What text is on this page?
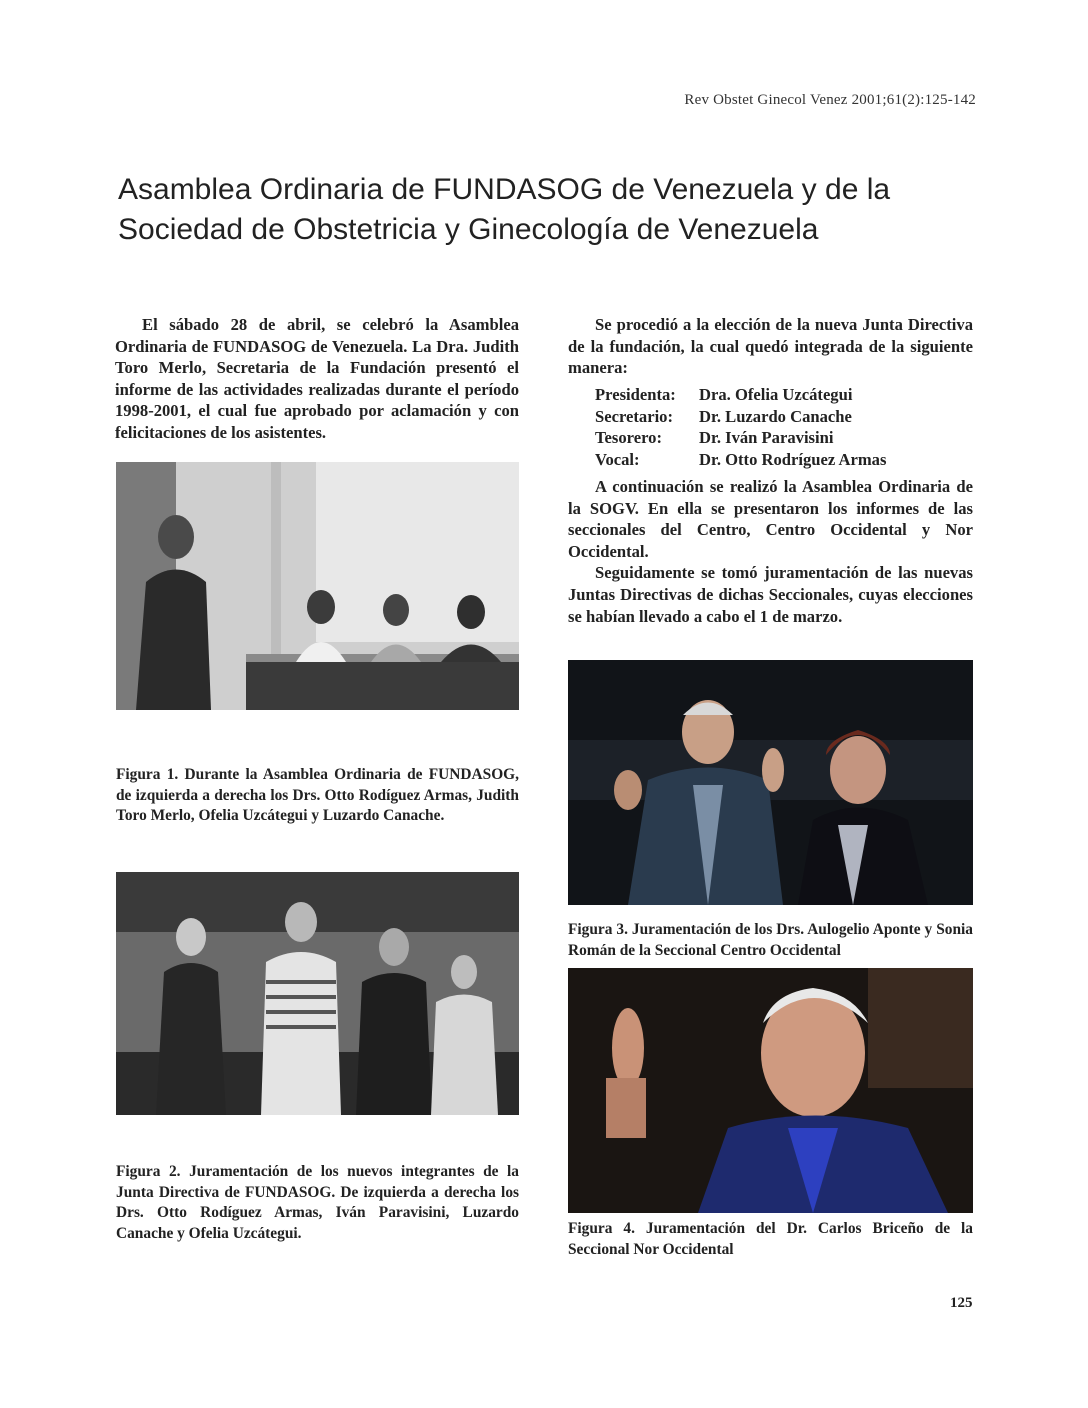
Rev Obstet Ginecol Venez 2001;61(2):125-142
Asamblea Ordinaria de FUNDASOG de Venezuela y de la
Sociedad de Obstetricia y Ginecología de Venezuela

El sábado 28 de abril, se celebró la Asamblea Ordinaria de FUNDASOG de Venezuela. La Dra. Judith Toro Merlo, Secretaria de la Fundación presentó el informe de las actividades realizadas durante el período 1998-2001, el cual fue aprobado por aclamación y con felicitaciones de los asistentes.

Figura 1. Durante la Asamblea Ordinaria de FUNDASOG, de izquierda a derecha los Drs. Otto Rodíguez Armas, Judith Toro Merlo, Ofelia Uzcátegui y Luzardo Canache.
Figura 2. Juramentación de los nuevos integrantes de la Junta Directiva de FUNDASOG. De izquierda a derecha los Drs. Otto Rodíguez Armas, Iván Paravisini, Luzardo Canache y Ofelia Uzcátegui.

Se procedió a la elección de la nueva Junta Directiva de la fundación, la cual quedó integrada de la siguiente manera:

Presidenta:	Dra. Ofelia Uzcátegui
Secretario:	Dr. Luzardo Canache
Tesorero:	Dr. Iván Paravisini
Vocal:	Dr. Otto Rodríguez Armas

A continuación se realizó la Asamblea Ordinaria de la SOGV. En ella se presentaron los informes de las seccionales del Centro, Centro Occidental y Nor Occidental.

Seguidamente se tomó juramentación de las nuevas Juntas Directivas de dichas Seccionales, cuyas elecciones se habían llevado a cabo el 1 de marzo.

Figura 3. Juramentación de los Drs. Aulogelio Aponte y Sonia Román de la Seccional Centro Occidental
Figura 4. Juramentación del Dr. Carlos Briceño de la Seccional Nor Occidental
125
